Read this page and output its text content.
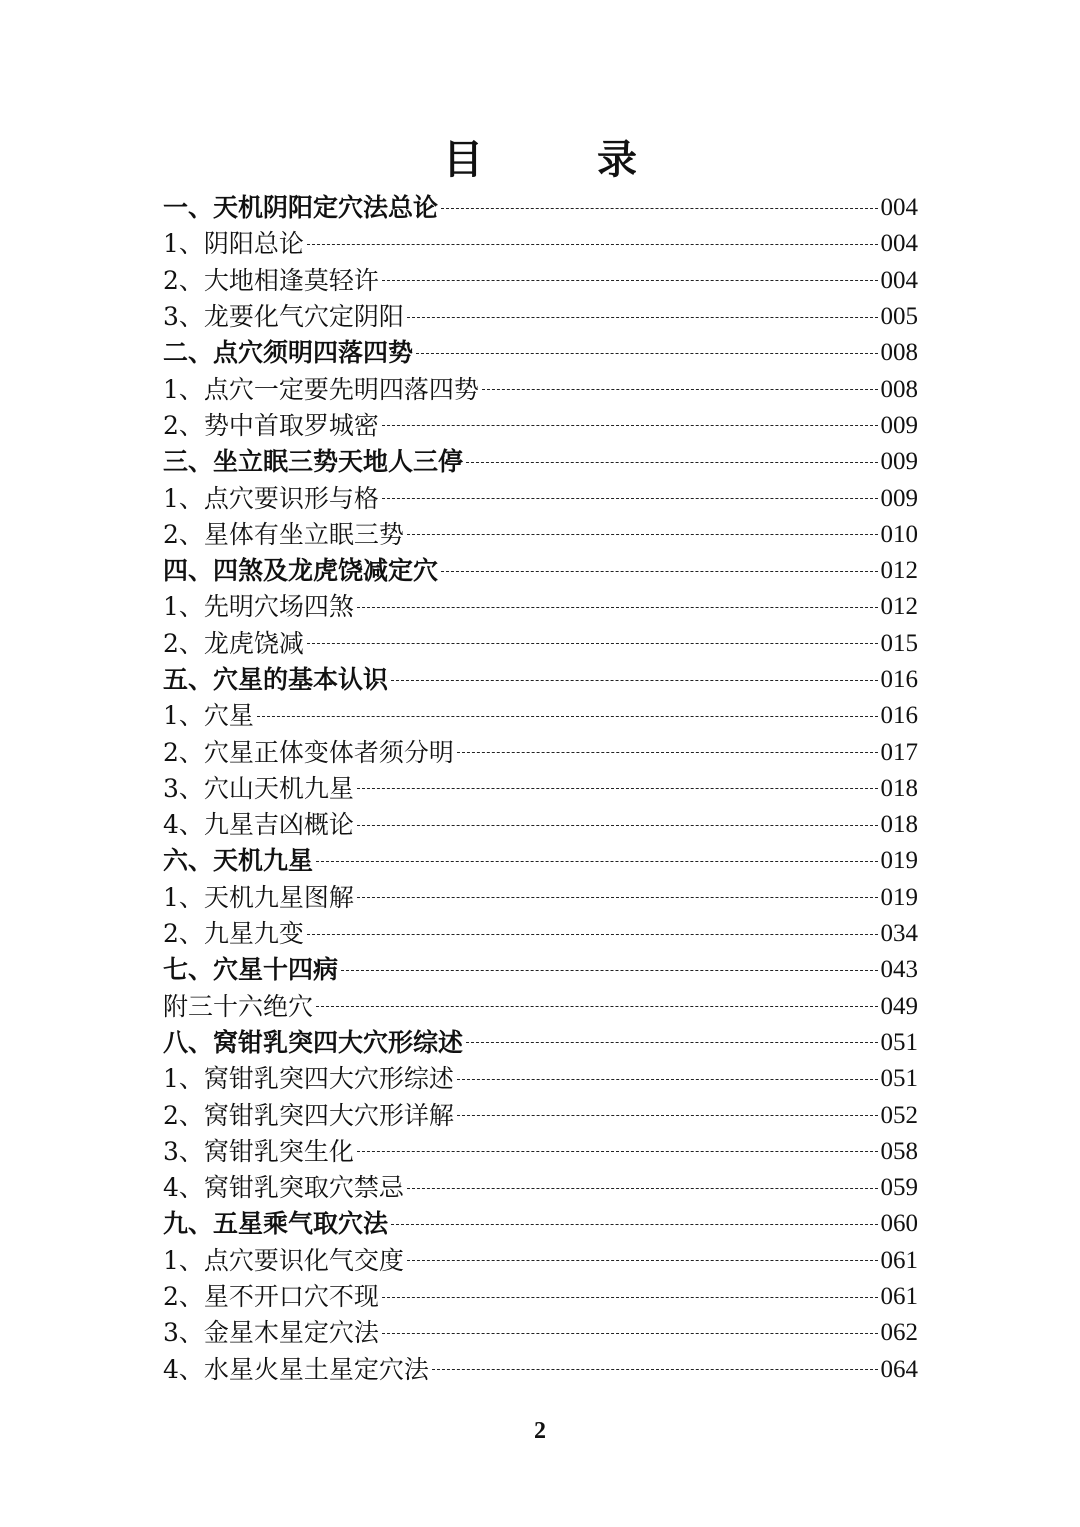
目 录
一、天机阴阳定穴法总论	004
1、阴阳总论	004
2、大地相逢莫轻许	004
3、龙要化气穴定阴阳	005
二、点穴须明四落四势	008
1、点穴一定要先明四落四势	008
2、势中首取罗城密	009
三、坐立眠三势天地人三停	009
1、点穴要识形与格	009
2、星体有坐立眠三势	010
四、四煞及龙虎饶减定穴	012
1、先明穴场四煞	012
2、龙虎饶减	015
五、穴星的基本认识	016
1、穴星	016
2、穴星正体变体者须分明	017
3、穴山天机九星	018
4、九星吉凶概论	018
六、天机九星	019
1、天机九星图解	019
2、九星九变	034
七、穴星十四病	043
附三十六绝穴	049
八、窝钳乳突四大穴形综述	051
1、窝钳乳突四大穴形综述	051
2、窝钳乳突四大穴形详解	052
3、窝钳乳突生化	058
4、窝钳乳突取穴禁忌	059
九、五星乘气取穴法	060
1、点穴要识化气交度	061
2、星不开口穴不现	061
3、金星木星定穴法	062
4、水星火星土星定穴法	064
2
